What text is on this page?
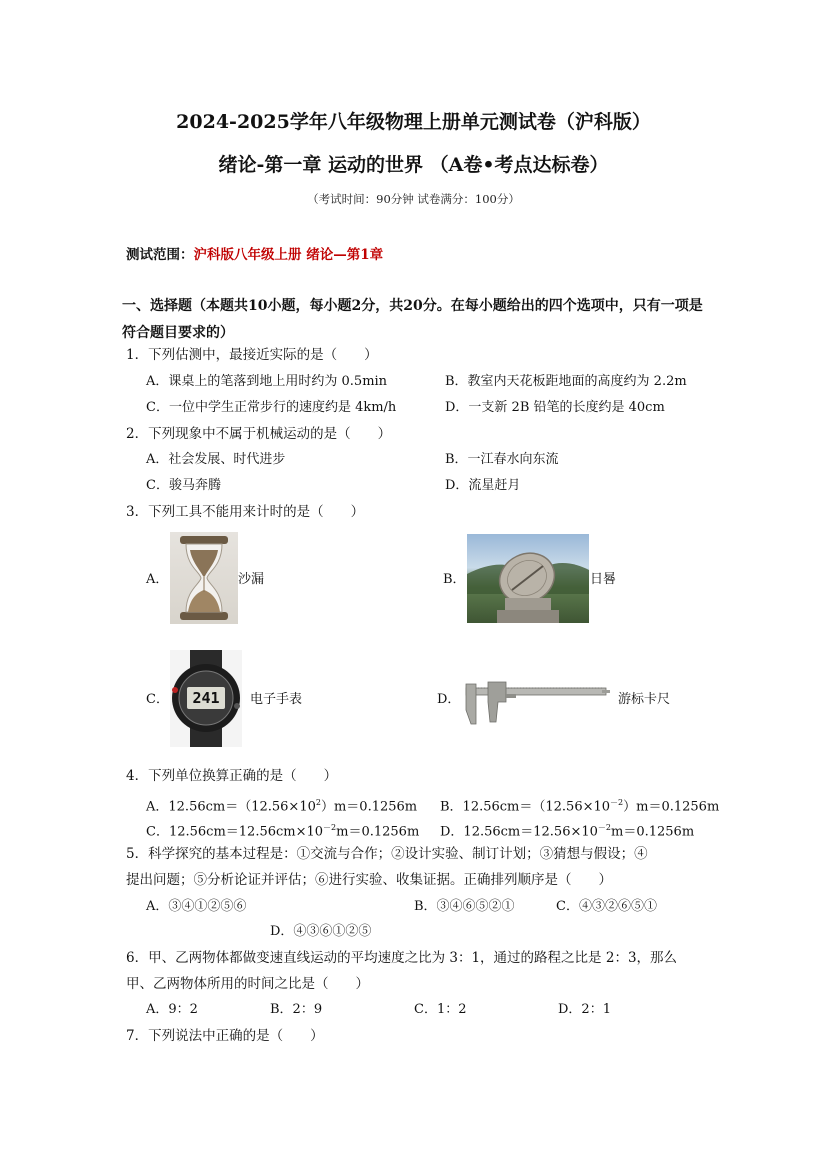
2024-2025学年八年级物理上册单元测试卷（沪科版）
绪论-第一章 运动的世界 （A卷•考点达标卷）
（考试时间：90分钟 试卷满分：100分）
测试范围：沪科版八年级上册 绪论—第1章
一、选择题（本题共10小题，每小题2分，共20分。在每小题给出的四个选项中，只有一项是符合题目要求的）
1．下列估测中，最接近实际的是（　　）
A．课桌上的笔落到地上用时约为 0.5min	B．教室内天花板距地面的高度约为 2.2m
C．一位中学生正常步行的速度约是 4km/h	D．一支新 2B 铅笔的长度约是 40cm
2．下列现象中不属于机械运动的是（　　）
A．社会发展、时代进步	B．一江春水向东流
C．骏马奔腾	D．流星赶月
3．下列工具不能用来计时的是（　　）
A．	沙漏	B．	日晷
C．	241	电子手表	D．	游标卡尺
4．下列单位换算正确的是（　　）
A．$12.56cm=(12.56\times 10^2)m=0.1256m$ B．$12.56cm=(12.56\times 10^{-2})m=0.1256m$
C．$12.56cm=12.56cm\times 10^{-2}m=0.1256m$ D．$12.56cm=12.56\times 10^{-2}m=0.1256m$
5．科学探究的基本过程是：①交流与合作；②设计实验、制订计划；③猜想与假设；④
提出问题；⑤分析论证并评估；⑥进行实验、收集证据。正确排列顺序是（　　）
A．③④①②⑤⑥	B．③④⑥⑤②①	C．④③②⑥⑤①
D．④③⑥①②⑤
6．甲、乙两物体都做变速直线运动的平均速度之比为 3：1，通过的路程之比是 2：3，那么
甲、乙两物体所用的时间之比是（　　）
A．9：2	B．2：9	C．1：2	D．2：1
7．下列说法中正确的是（　　）
